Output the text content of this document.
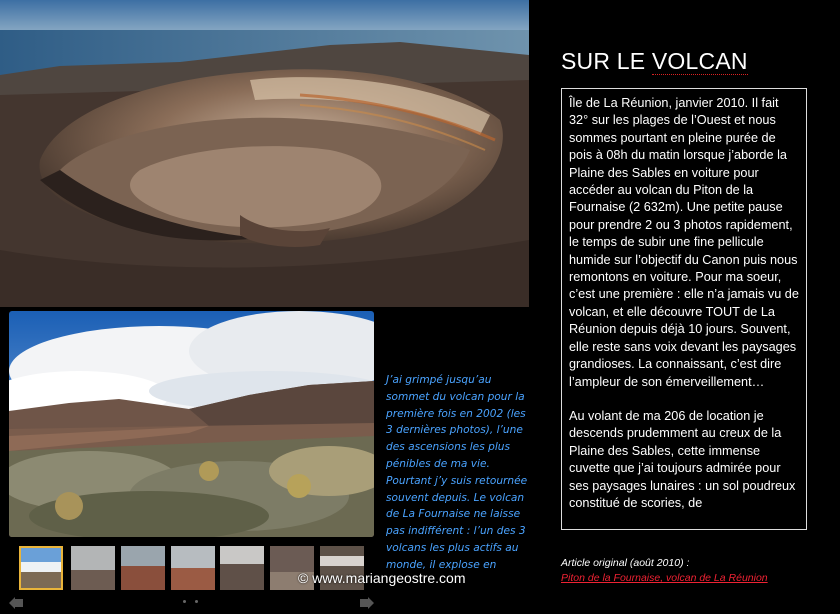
J’ai grimpé jusqu’au
sommet du volcan pour la
première fois en 2002 (les
3 dernières photos), l’une
des ascensions les plus
pénibles de ma vie.
Pourtant j’y suis retournée
souvent depuis. Le volcan
de La Fournaise ne laisse
pas indifférent : l’un des 3
volcans les plus actifs au
monde, il explose en
SUR LE VOLCAN

Île de La Réunion, janvier 2010. Il fait 32° sur les plages de l’Ouest et nous sommes pourtant en pleine purée de pois à 08h du matin lorsque j’aborde la Plaine des Sables en voiture pour accéder au volcan du Piton de la Fournaise (2 632m). Une petite pause pour prendre 2 ou 3 photos rapidement, le temps de subir une fine pellicule humide sur l’objectif du Canon puis nous remontons en voiture. Pour ma soeur, c’est une première : elle n’a jamais vu de volcan, et elle découvre TOUT de La Réunion depuis déjà 10 jours. Souvent, elle reste sans voix devant les paysages grandioses. La connaissant, c’est dire l’ampleur de son émerveillement…

Au volant de ma 206 de location je descends prudemment au creux de la Plaine des Sables, cette immense cuvette que j’ai toujours admirée pour ses paysages lunaires : un sol poudreux constitué de scories, de

Article original (août 2010) :
Piton de la Fournaise, volcan de La Réunion
© www.mariangeostre.com
